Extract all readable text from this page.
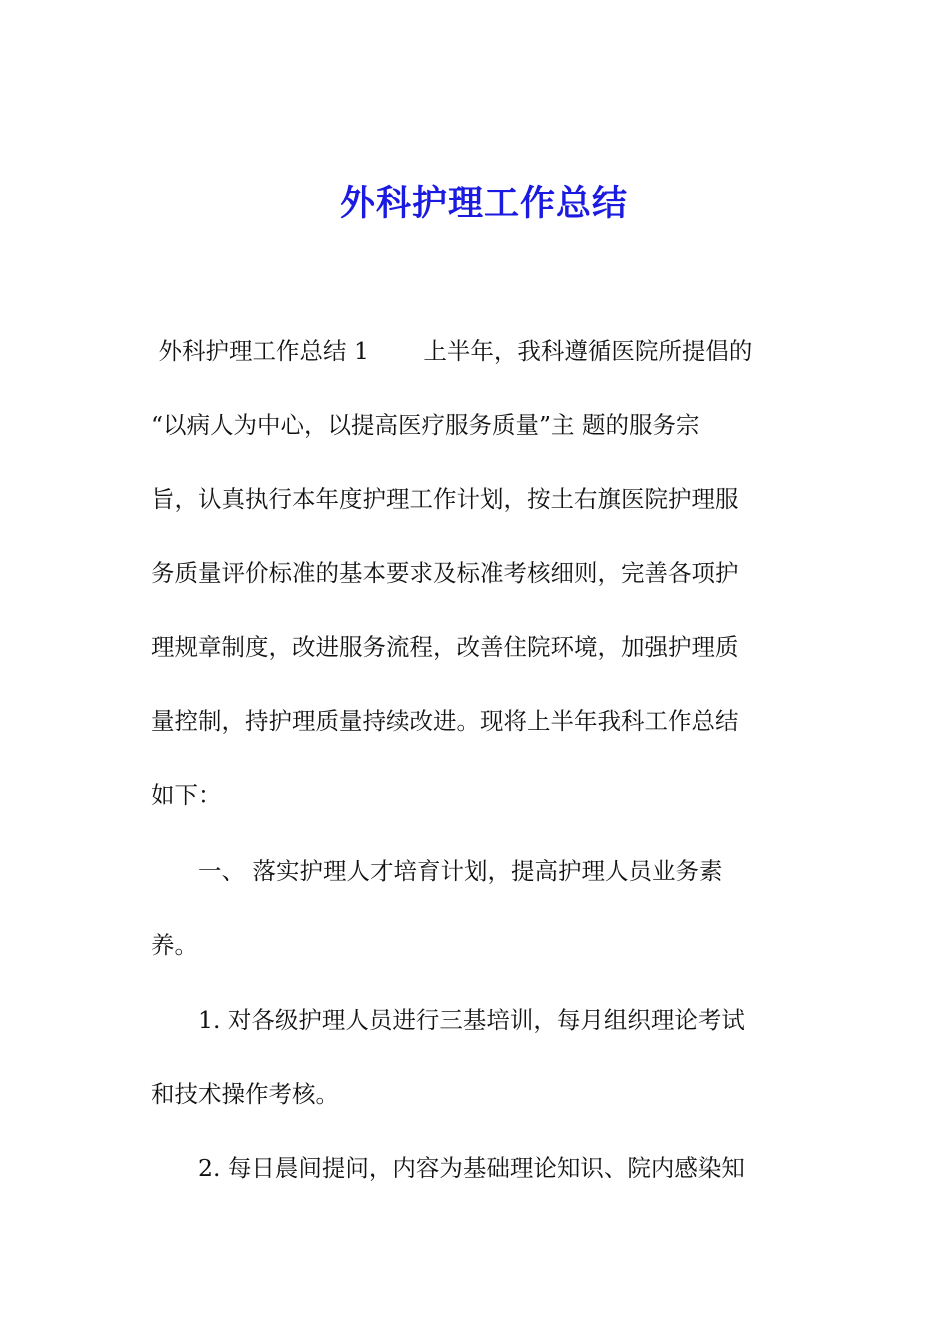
外科护理工作总结

外科护理工作总结 1　　 上半年，我科遵循医院所提倡的

“以病人为中心，以提高医疗服务质量”主 题的服务宗

旨，认真执行本年度护理工作计划，按土右旗医院护理服

务质量评价标准的基本要求及标准考核细则，完善各项护

理规章制度，改进服务流程，改善住院环境，加强护理质

量控制，持护理质量持续改进。现将上半年我科工作总结

如下：

　　一、 落实护理人才培育计划，提高护理人员业务素

养。

　　1. 对各级护理人员进行三基培训，每月组织理论考试

和技术操作考核。

　　2. 每日晨间提问，内容为基础理论知识、院内感染知
